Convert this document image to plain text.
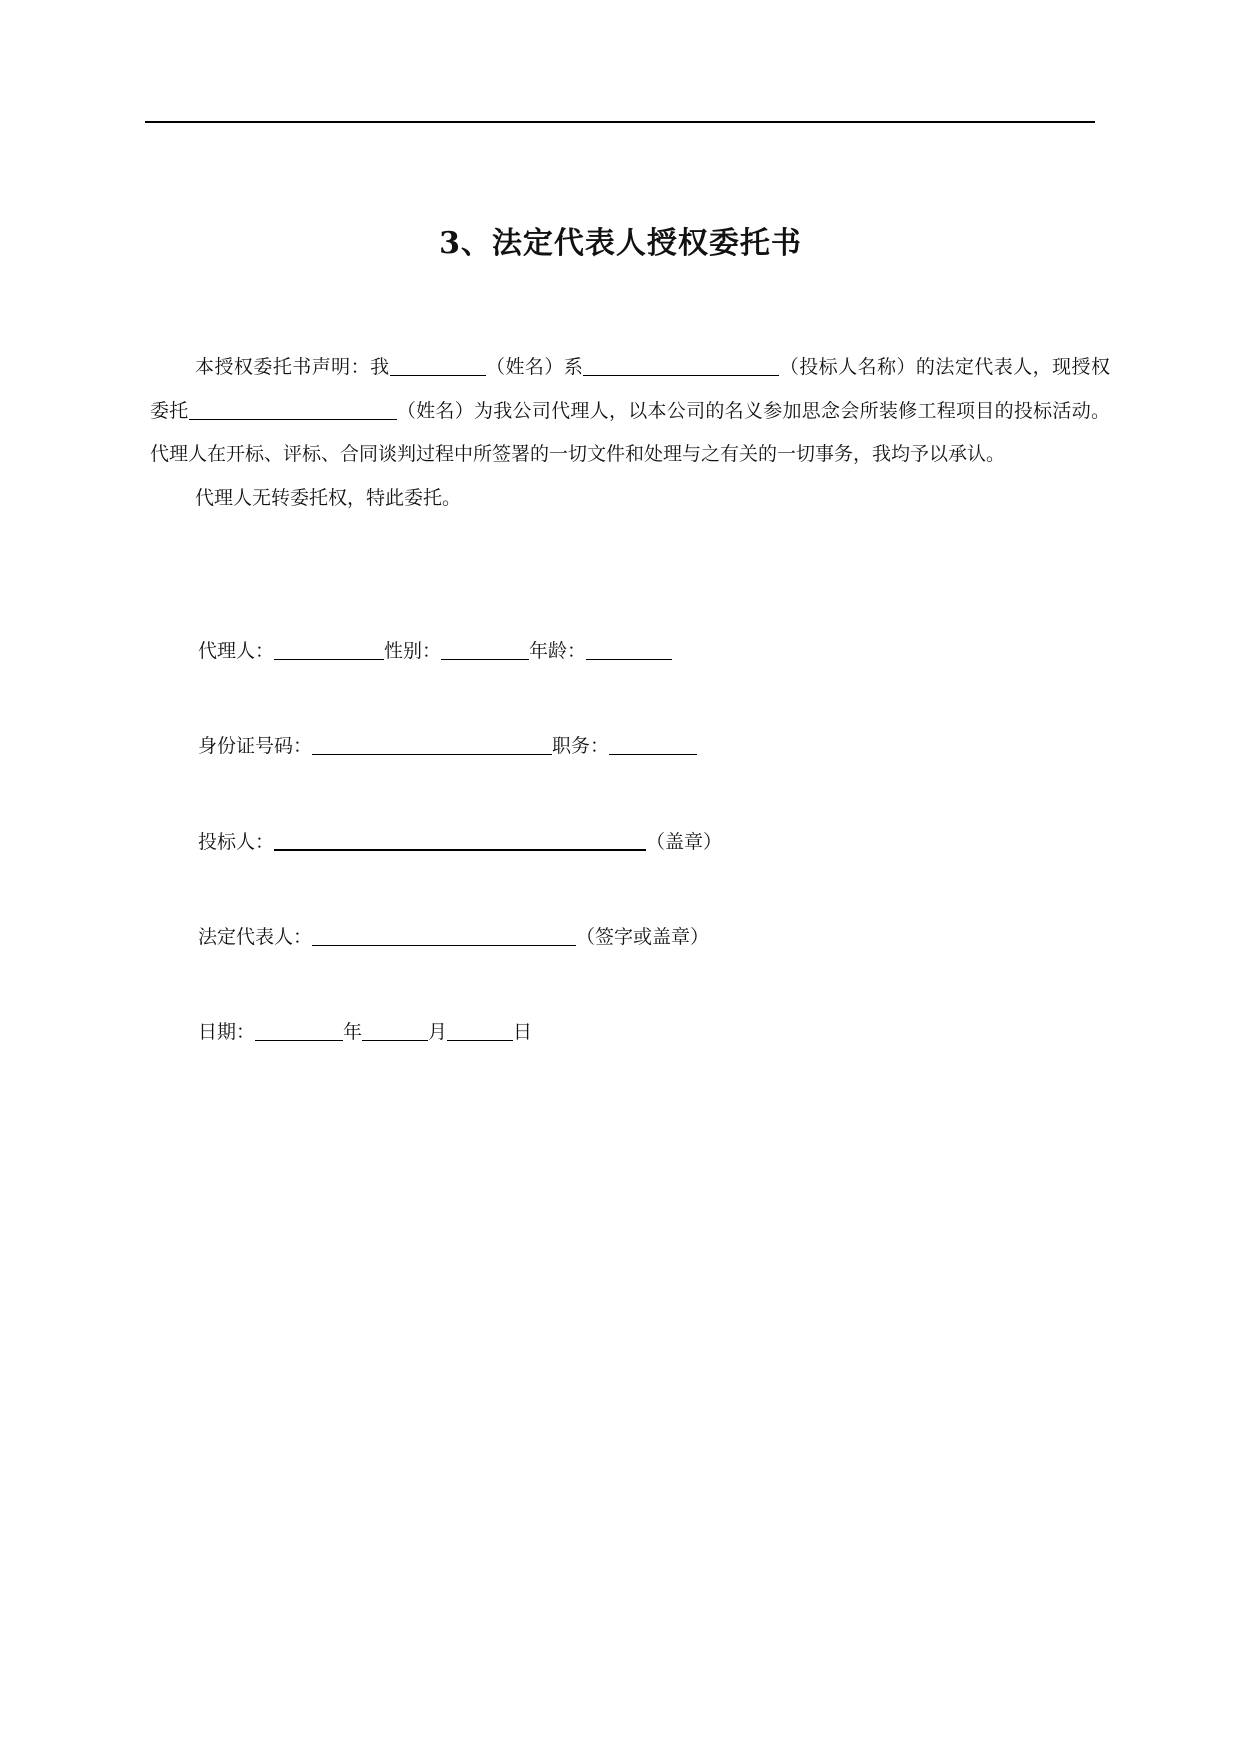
3、法定代表人授权委托书

本授权委托书声明：我	（姓名）系	（投标人名称）的法定代表人，现授权委托	（姓名）为我公司代理人，以本公司的名义参加思念会所装修工程项目的投标活动。代理人在开标、评标、合同谈判过程中所签署的一切文件和处理与之有关的一切事务，我均予以承认。

代理人无转委托权，特此委托。

代理人：	性别：	年龄：
身份证号码：	职务：
投标人：	（盖章）
法定代表人：	（签字或盖章）
日期：	年	月	日
